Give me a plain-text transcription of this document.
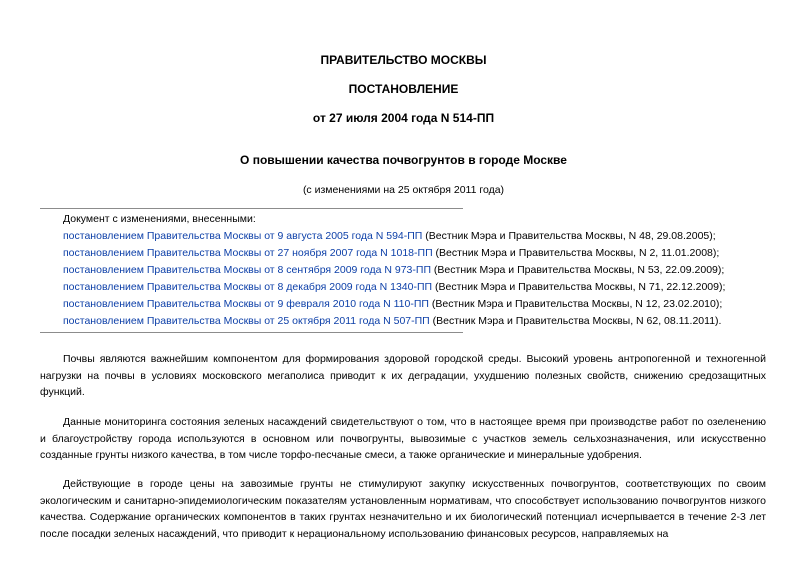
ПРАВИТЕЛЬСТВО МОСКВЫ
ПОСТАНОВЛЕНИЕ
от 27 июля 2004 года N 514-ПП
О повышении качества почвогрунтов в городе Москве
(с изменениями на 25 октября 2011 года)
Документ с изменениями, внесенными:
постановлением Правительства Москвы от 9 августа 2005 года N 594-ПП (Вестник Мэра и Правительства Москвы, N 48, 29.08.2005);
постановлением Правительства Москвы от 27 ноября 2007 года N 1018-ПП (Вестник Мэра и Правительства Москвы, N 2, 11.01.2008);
постановлением Правительства Москвы от 8 сентября 2009 года N 973-ПП (Вестник Мэра и Правительства Москвы, N 53, 22.09.2009);
постановлением Правительства Москвы от 8 декабря 2009 года N 1340-ПП (Вестник Мэра и Правительства Москвы, N 71, 22.12.2009);
постановлением Правительства Москвы от 9 февраля 2010 года N 110-ПП (Вестник Мэра и Правительства Москвы, N 12, 23.02.2010);
постановлением Правительства Москвы от 25 октября 2011 года N 507-ПП (Вестник Мэра и Правительства Москвы, N 62, 08.11.2011).

Почвы являются важнейшим компонентом для формирования здоровой городской среды. Высокий уровень антропогенной и техногенной нагрузки на почвы в условиях московского мегаполиса приводит к их деградации, ухудшению полезных свойств, снижению средозащитных функций.

Данные мониторинга состояния зеленых насаждений свидетельствуют о том, что в настоящее время при производстве работ по озеленению и благоустройству города используются в основном или почвогрунты, вывозимые с участков земель сельхозназначения, или искусственно созданные грунты низкого качества, в том числе торфо-песчаные смеси, а также органические и минеральные удобрения.

Действующие в городе цены на завозимые грунты не стимулируют закупку искусственных почвогрунтов, соответствующих по своим экологическим и санитарно-эпидемиологическим показателям установленным нормативам, что способствует использованию почвогрунтов низкого качества. Содержание органических компонентов в таких грунтах незначительно и их биологический потенциал исчерпывается в течение 2-3 лет после посадки зеленых насаждений, что приводит к нерациональному использованию финансовых ресурсов, направляемых на
